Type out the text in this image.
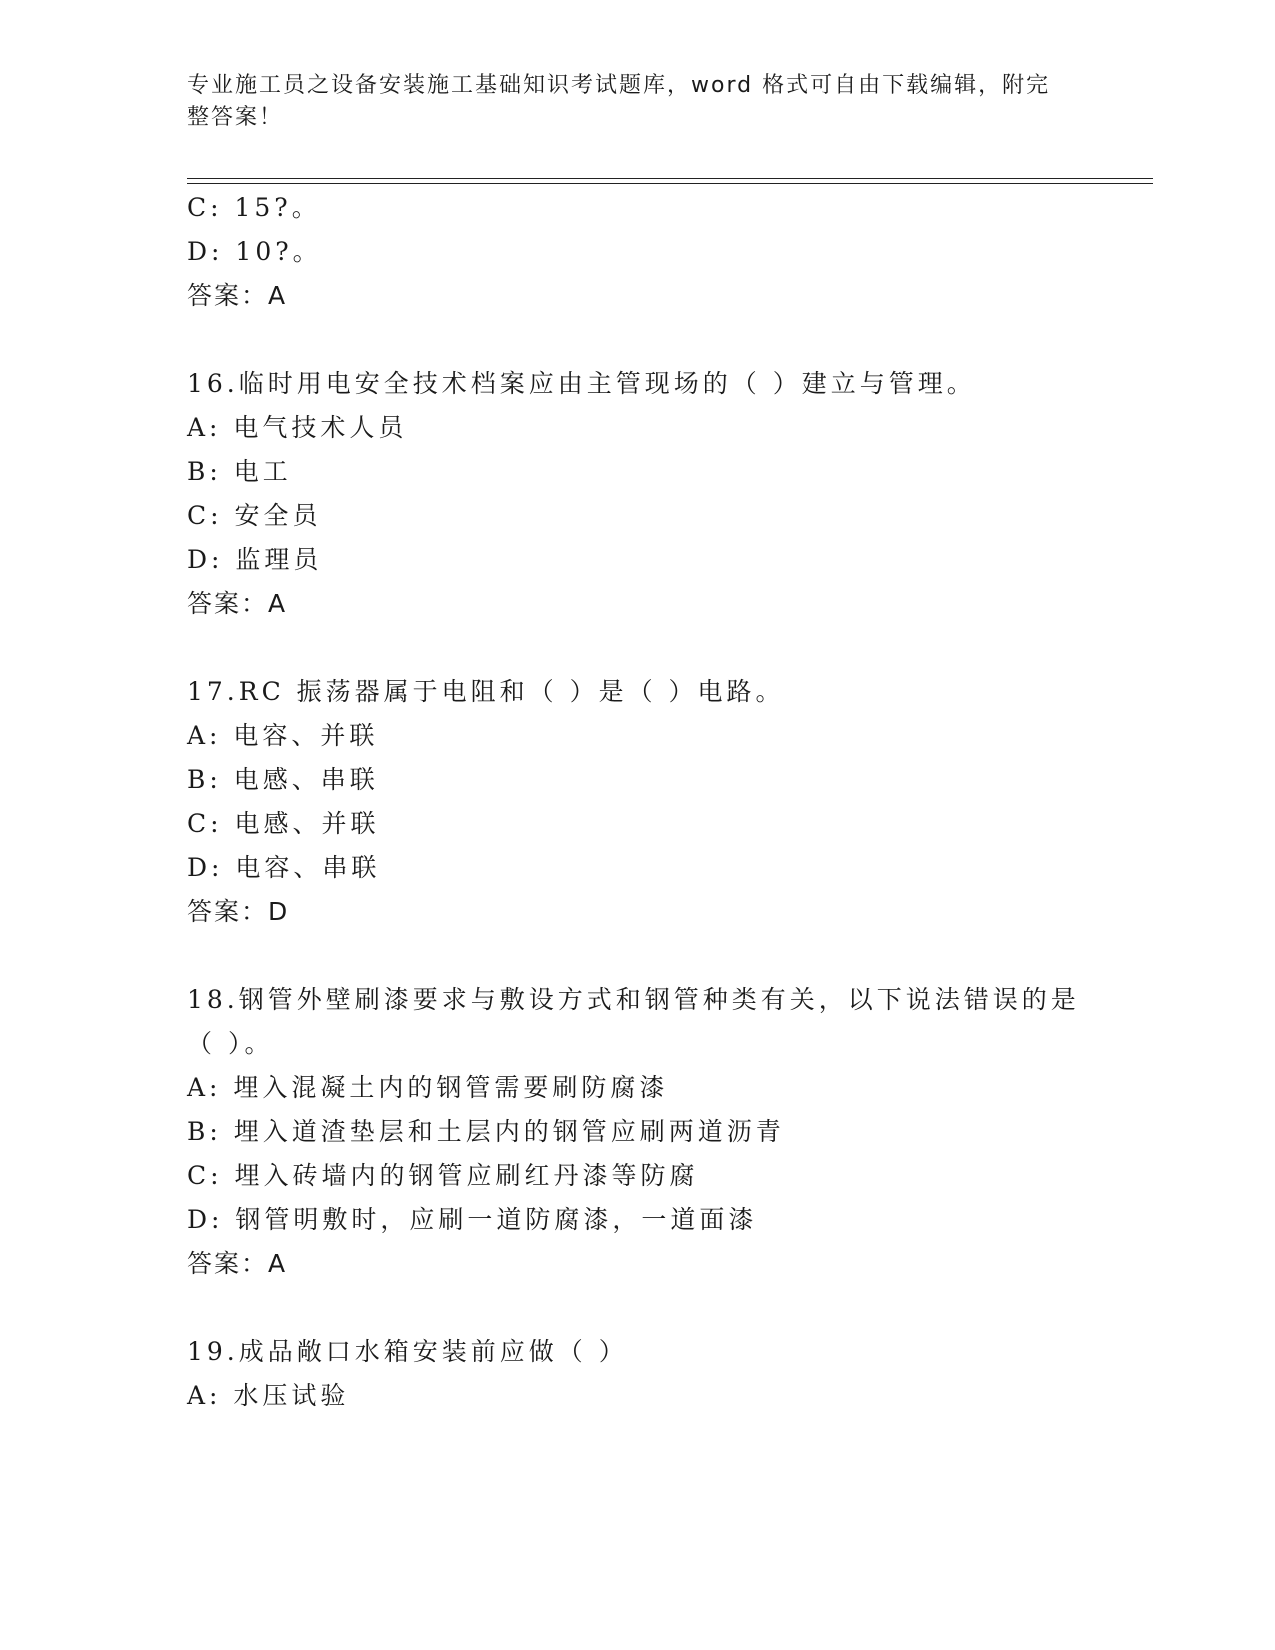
专业施工员之设备安装施工基础知识考试题库，word 格式可自由下载编辑，附完
整答案！
C: 15?。
D: 10?。
答案：A
16.临时用电安全技术档案应由主管现场的（ ）建立与管理。
A: 电气技术人员
B: 电工
C: 安全员
D: 监理员
答案：A
17.RC 振荡器属于电阻和（ ）是（ ）电路。
A: 电容、并联
B: 电感、串联
C: 电感、并联
D: 电容、串联
答案：D
18.钢管外壁刷漆要求与敷设方式和钢管种类有关，以下说法错误的是
（ ）。
A: 埋入混凝土内的钢管需要刷防腐漆
B: 埋入道渣垫层和土层内的钢管应刷两道沥青
C: 埋入砖墙内的钢管应刷红丹漆等防腐
D: 钢管明敷时，应刷一道防腐漆，一道面漆
答案：A
19.成品敞口水箱安装前应做（ ）
A: 水压试验
